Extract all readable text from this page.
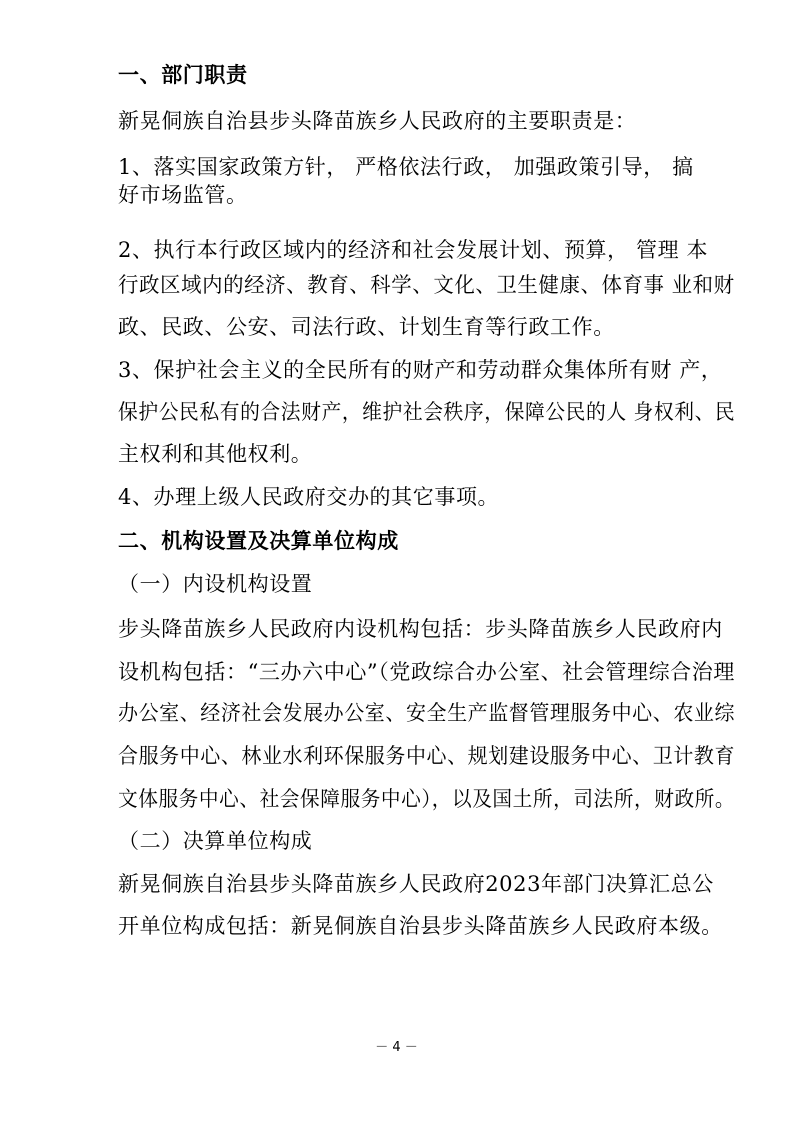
一、部门职责
新晃侗族自治县步头降苗族乡人民政府的主要职责是：
1、落实国家政策方针， 严格依法行政， 加强政策引导， 搞
好市场监管。
2、执行本行政区域内的经济和社会发展计划、预算， 管理 本
行政区域内的经济、教育、科学、文化、卫生健康、体育事 业和财
政、民政、公安、司法行政、计划生育等行政工作。
3、保护社会主义的全民所有的财产和劳动群众集体所有财 产，
保护公民私有的合法财产，维护社会秩序，保障公民的人 身权利、民
主权利和其他权利。
4、办理上级人民政府交办的其它事项。
二、机构设置及决算单位构成
（一）内设机构设置
步头降苗族乡人民政府内设机构包括：步头降苗族乡人民政府内
设机构包括：“三办六中心”（党政综合办公室、社会管理综合治理
办公室、经济社会发展办公室、安全生产监督管理服务中心、农业综
合服务中心、林业水利环保服务中心、规划建设服务中心、卫计教育
文体服务中心、社会保障服务中心），以及国土所，司法所，财政所。
（二）决算单位构成
新晃侗族自治县步头降苗族乡人民政府2023年部门决算汇总公
开单位构成包括：新晃侗族自治县步头降苗族乡人民政府本级。
－ 4 －
